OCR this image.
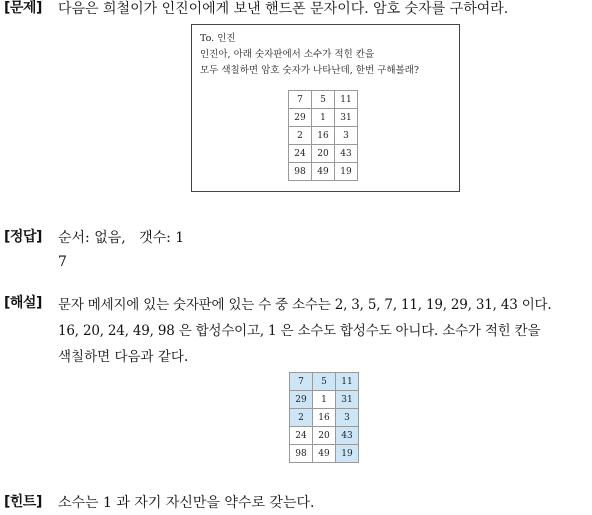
[문제] 다음은 희철이가 인진이에게 보낸 핸드폰 문자이다. 암호 숫자를 구하여라.
To. 인진
인진아, 아래 숫자판에서 소수가 적힌 칸을
모두 색칠하면 암호 숫자가 나타난데, 한번 구해볼래?
7	5	11
29	1	31
2	16	3
24	20	43
98	49	19
[정답] 순서: 없음,   갯수: 1
7
[해설] 문자 메세지에 있는 숫자판에 있는 수 중 소수는 2, 3, 5, 7, 11, 19, 29, 31, 43 이다.
16, 20, 24, 49, 98 은 합성수이고, 1 은 소수도 합성수도 아니다. 소수가 적힌 칸을
색칠하면 다음과 같다.
7	5	11
29	1	31
2	16	3
24	20	43
98	49	19
[힌트] 소수는 1 과 자기 자신만을 약수로 갖는다.
